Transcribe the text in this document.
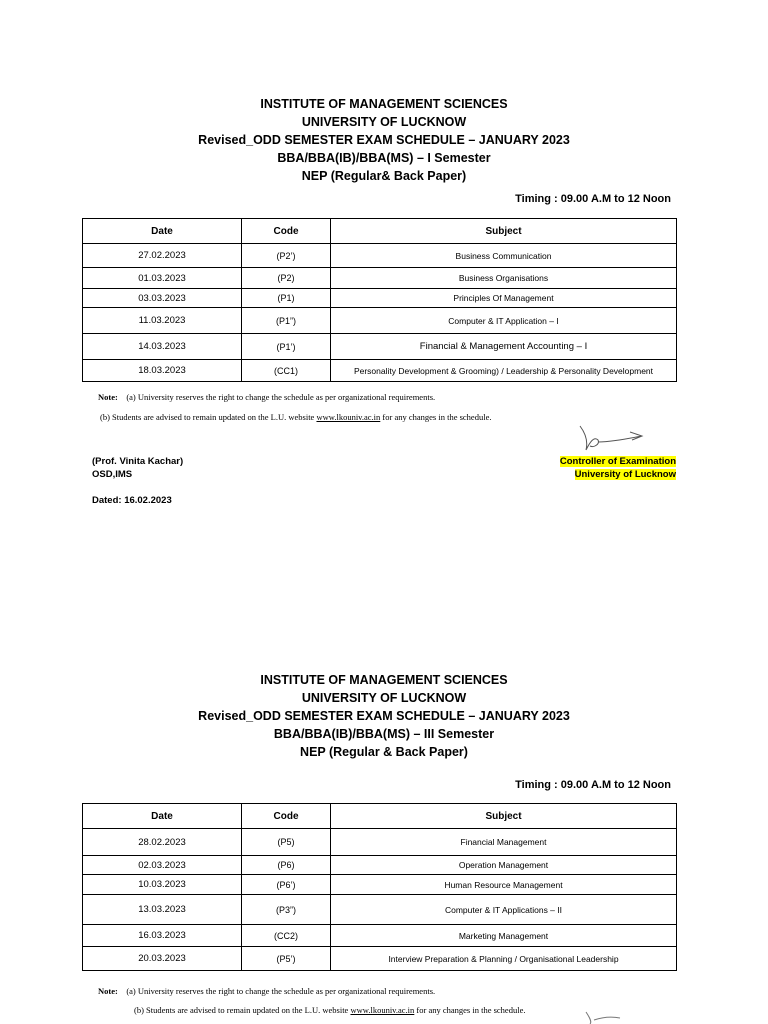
INSTITUTE OF MANAGEMENT SCIENCES
UNIVERSITY OF LUCKNOW
Revised_ODD SEMESTER EXAM SCHEDULE – JANUARY 2023
BBA/BBA(IB)/BBA(MS) – I Semester
NEP (Regular& Back Paper)
Timing : 09.00 A.M to 12 Noon
Date	Code	Subject
27.02.2023	(P2’)	Business Communication
01.03.2023	(P2)	Business Organisations
03.03.2023	(P1)	Principles Of Management
11.03.2023	(P1”)	Computer & IT Application – I
14.03.2023	(P1’)	Financial & Management Accounting – I
18.03.2023	(CC1)	Personality Development & Grooming) / Leadership & Personality Development
Note: (a) University reserves the right to change the schedule as per organizational requirements.
(b) Students are advised to remain updated on the L.U. website www.lkouniv.ac.in for any changes in the schedule.
(Prof. Vinita Kachar)
OSD,IMS
Controller of Examination
University of Lucknow
Dated: 16.02.2023
INSTITUTE OF MANAGEMENT SCIENCES
UNIVERSITY OF LUCKNOW
Revised_ODD SEMESTER EXAM SCHEDULE – JANUARY 2023
BBA/BBA(IB)/BBA(MS) – III Semester
NEP (Regular & Back Paper)
Timing : 09.00 A.M to 12 Noon
Date	Code	Subject
28.02.2023	(P5)	Financial Management
02.03.2023	(P6)	Operation Management
10.03.2023	(P6’)	Human Resource Management
13.03.2023	(P3”)	Computer & IT Applications – II
16.03.2023	(CC2)	Marketing Management
20.03.2023	(P5’)	Interview Preparation & Planning / Organisational Leadership
Note: (a) University reserves the right to change the schedule as per organizational requirements.
(b) Students are advised to remain updated on the L.U. website www.lkouniv.ac.in for any changes in the schedule.
